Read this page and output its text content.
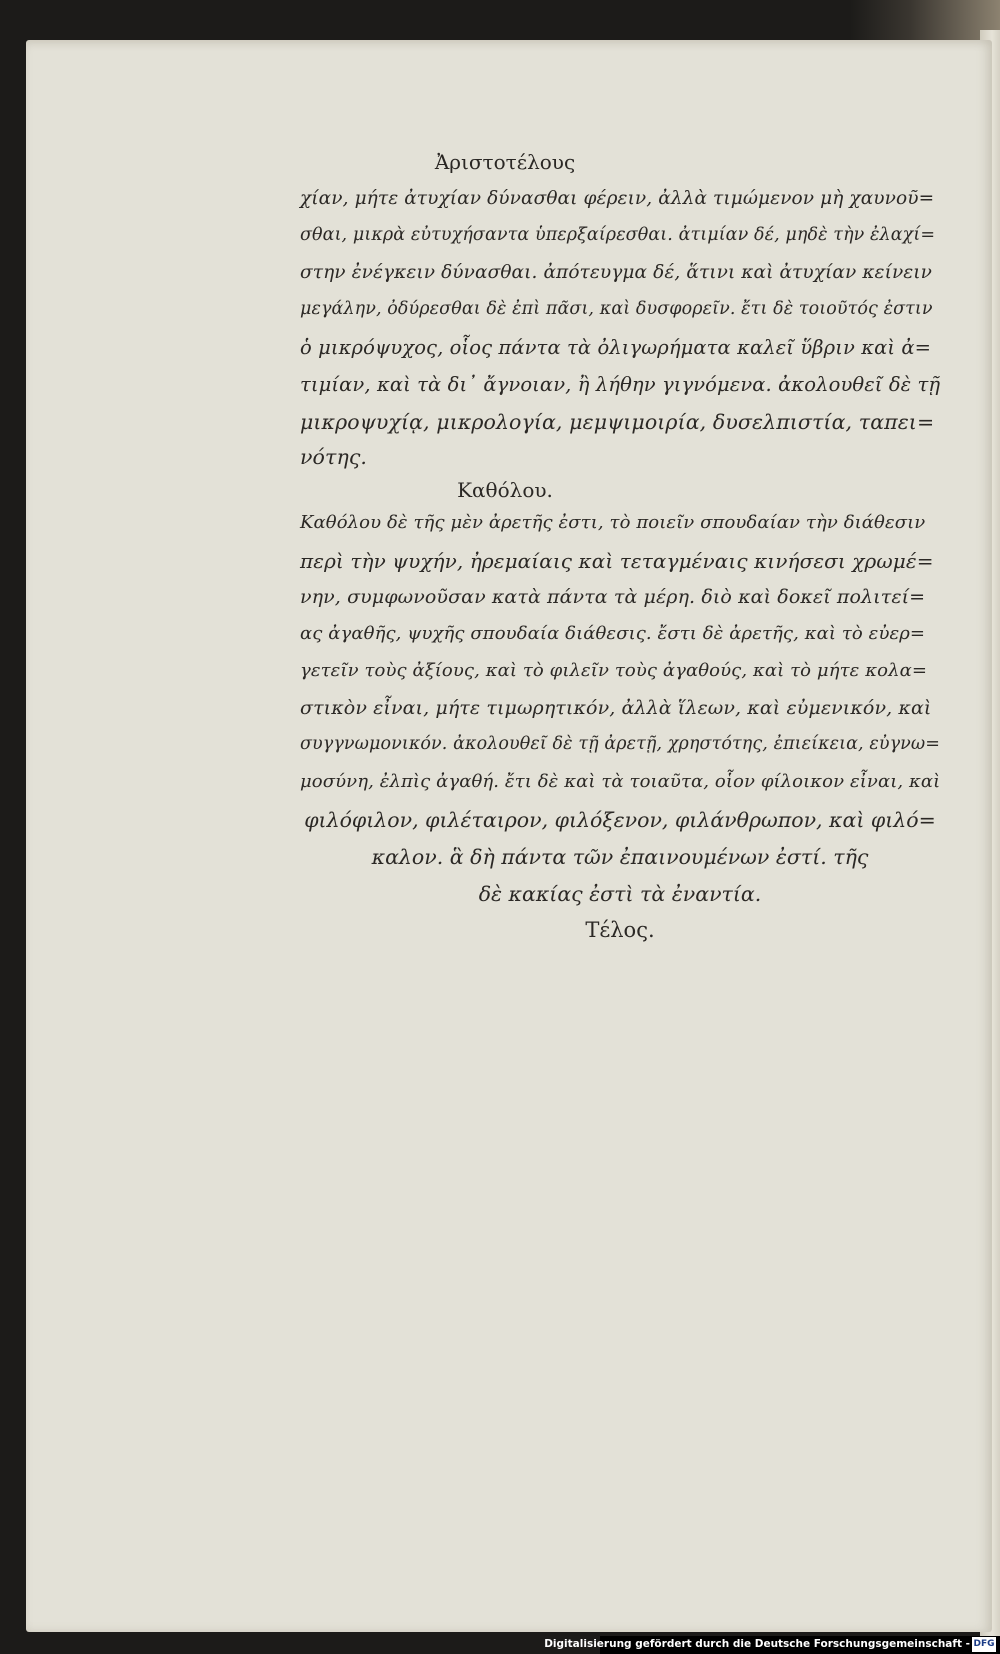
Ἀριστοτέλους
χίαν, μήτε ἀτυχίαν δύνασθαι φέρειν, ἀλλὰ τιμώμενον μὴ χαυνοῦ=
σθαι, μικρὰ εὐτυχήσαντα ὑπερξαίρεσθαι. ἀτιμίαν δέ, μηδὲ τὴν ἐλαχί=
στην ἐνέγκειν δύνασθαι. ἀπότευγμα δέ, ἅτινι καὶ ἀτυχίαν κείνειν
μεγάλην, ὀδύρεσθαι δὲ ἐπὶ πᾶσι, καὶ δυσφορεῖν. ἔτι δὲ τοιοῦτός ἐστιν
ὁ μικρόψυχος, οἷος πάντα τὰ ὀλιγωρήματα καλεῖ ὕβριν καὶ ἀ=
τιμίαν, καὶ τὰ δι᾽ ἄγνοιαν, ἢ λήθην γιγνόμενα. ἀκολουθεῖ δὲ τῇ
μικροψυχίᾳ, μικρολογία, μεμψιμοιρία, δυσελπιστία, ταπει=
νότης.
Καθόλου.
Καθόλου δὲ τῆς μὲν ἀρετῆς ἐστι, τὸ ποιεῖν σπουδαίαν τὴν διάθεσιν
περὶ τὴν ψυχήν, ἠρεμαίαις καὶ τεταγμέναις κινήσεσι χρωμέ=
νην, συμφωνοῦσαν κατὰ πάντα τὰ μέρη. διὸ καὶ δοκεῖ πολιτεί=
ας ἀγαθῆς, ψυχῆς σπουδαία διάθεσις. ἔστι δὲ ἀρετῆς, καὶ τὸ εὐερ=
γετεῖν τοὺς ἀξίους, καὶ τὸ φιλεῖν τοὺς ἀγαθούς, καὶ τὸ μήτε κολα=
στικὸν εἶναι, μήτε τιμωρητικόν, ἀλλὰ ἵλεων, καὶ εὐμενικόν, καὶ
συγγνωμονικόν. ἀκολουθεῖ δὲ τῇ ἀρετῇ, χρηστότης, ἐπιείκεια, εὐγνω=
μοσύνη, ἐλπὶς ἀγαθή. ἔτι δὲ καὶ τὰ τοιαῦτα, οἷον φίλοικον εἶναι, καὶ
φιλόφιλον, φιλέταιρον, φιλόξενον, φιλάνθρωπον, καὶ φιλό=
καλον. ἃ δὴ πάντα τῶν ἐπαινουμένων ἐστί. τῆς
δὲ κακίας ἐστὶ τὰ ἐναντία.
Τέλος.
Digitalisierung gefördert durch die Deutsche Forschungsgemeinschaft - DFG
